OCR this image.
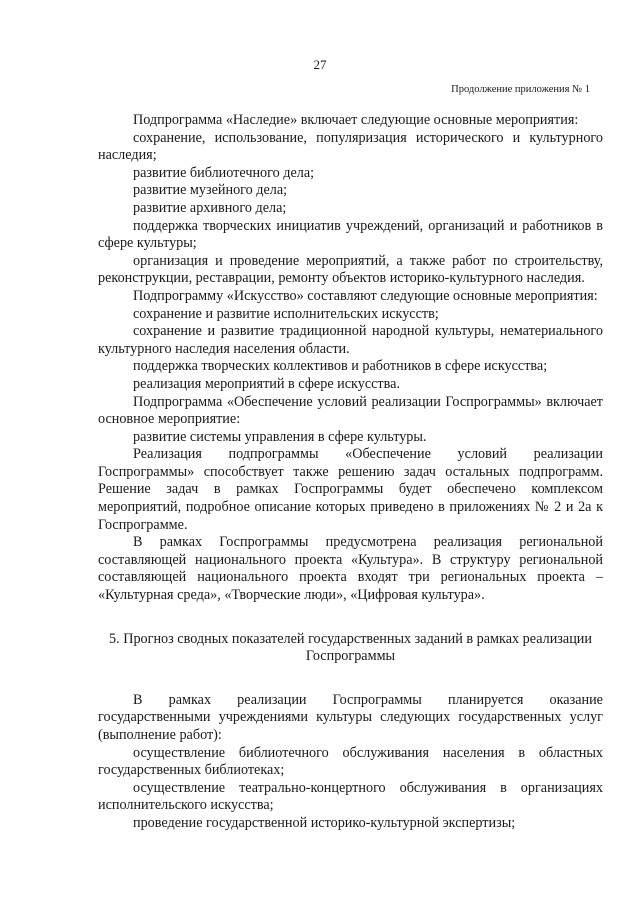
27
Продолжение приложения № 1

Подпрограмма «Наследие» включает следующие основные мероприятия:

сохранение, использование, популяризация исторического и культурного наследия;

развитие библиотечного дела;

развитие музейного дела;

развитие архивного дела;

поддержка творческих инициатив учреждений, организаций и работников в сфере культуры;

организация и проведение мероприятий, а также работ по строительству, реконструкции, реставрации, ремонту объектов историко-культурного наследия.

Подпрограмму «Искусство» составляют следующие основные мероприятия:

сохранение и развитие исполнительских искусств;

сохранение и развитие традиционной народной культуры, нематериального культурного наследия населения области.

поддержка творческих коллективов и работников в сфере искусства;

реализация мероприятий в сфере искусства.

Подпрограмма «Обеспечение условий реализации Госпрограммы» включает основное мероприятие:

развитие системы управления в сфере культуры.

Реализация подпрограммы «Обеспечение условий реализации Госпрограммы» способствует также решению задач остальных подпрограмм. Решение задач в рамках Госпрограммы будет обеспечено комплексом мероприятий, подробное описание которых приведено в приложениях № 2 и 2а к Госпрограмме.

В рамках Госпрограммы предусмотрена реализация региональной составляющей национального проекта «Культура». В структуру региональной составляющей национального проекта входят три региональных проекта – «Культурная среда», «Творческие люди», «Цифровая культура».

5. Прогноз сводных показателей государственных заданий в рамках реализации Госпрограммы

В рамках реализации Госпрограммы планируется оказание государственными учреждениями культуры следующих государственных услуг (выполнение работ):

осуществление библиотечного обслуживания населения в областных государственных библиотеках;

осуществление театрально-концертного обслуживания в организациях исполнительского искусства;

проведение государственной историко-культурной экспертизы;
